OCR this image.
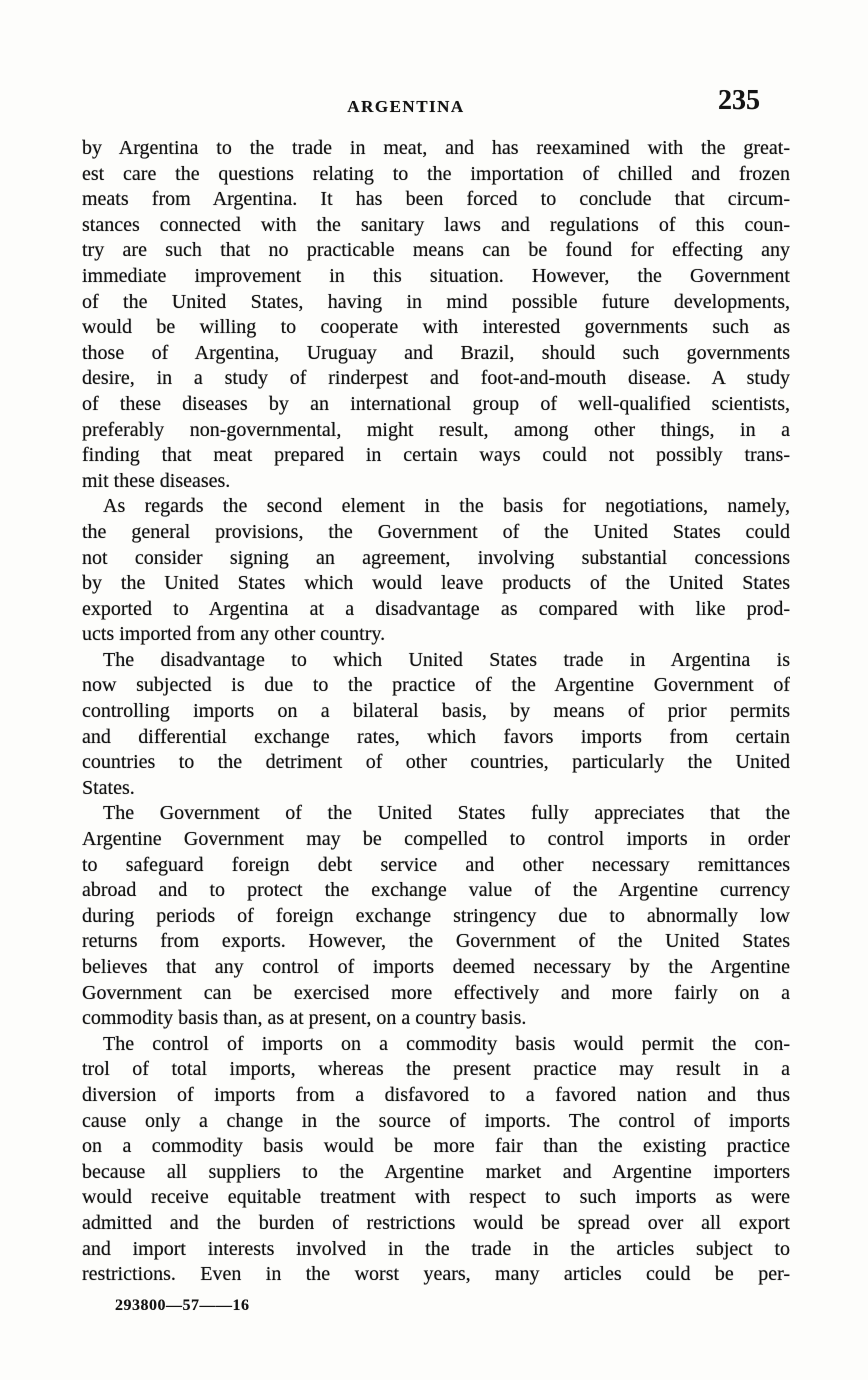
ARGENTINA	235

by Argentina to the trade in meat, and has reexamined with the great-
est care the questions relating to the importation of chilled and frozen
meats from Argentina. It has been forced to conclude that circum-
stances connected with the sanitary laws and regulations of this coun-
try are such that no practicable means can be found for effecting any
immediate improvement in this situation. However, the Government
of the United States, having in mind possible future developments,
would be willing to cooperate with interested governments such as
those of Argentina, Uruguay and Brazil, should such governments
desire, in a study of rinderpest and foot-and-mouth disease. A study
of these diseases by an international group of well-qualified scientists,
preferably non-governmental, might result, among other things, in a
finding that meat prepared in certain ways could not possibly trans-
mit these diseases.

As regards the second element in the basis for negotiations, namely,
the general provisions, the Government of the United States could
not consider signing an agreement, involving substantial concessions
by the United States which would leave products of the United States
exported to Argentina at a disadvantage as compared with like prod-
ucts imported from any other country.

The disadvantage to which United States trade in Argentina is
now subjected is due to the practice of the Argentine Government of
controlling imports on a bilateral basis, by means of prior permits
and differential exchange rates, which favors imports from certain
countries to the detriment of other countries, particularly the United
States.

The Government of the United States fully appreciates that the
Argentine Government may be compelled to control imports in order
to safeguard foreign debt service and other necessary remittances
abroad and to protect the exchange value of the Argentine currency
during periods of foreign exchange stringency due to abnormally low
returns from exports. However, the Government of the United States
believes that any control of imports deemed necessary by the Argentine
Government can be exercised more effectively and more fairly on a
commodity basis than, as at present, on a country basis.

The control of imports on a commodity basis would permit the con-
trol of total imports, whereas the present practice may result in a
diversion of imports from a disfavored to a favored nation and thus
cause only a change in the source of imports. The control of imports
on a commodity basis would be more fair than the existing practice
because all suppliers to the Argentine market and Argentine importers
would receive equitable treatment with respect to such imports as were
admitted and the burden of restrictions would be spread over all export
and import interests involved in the trade in the articles subject to
restrictions. Even in the worst years, many articles could be per-

293800—57——16
